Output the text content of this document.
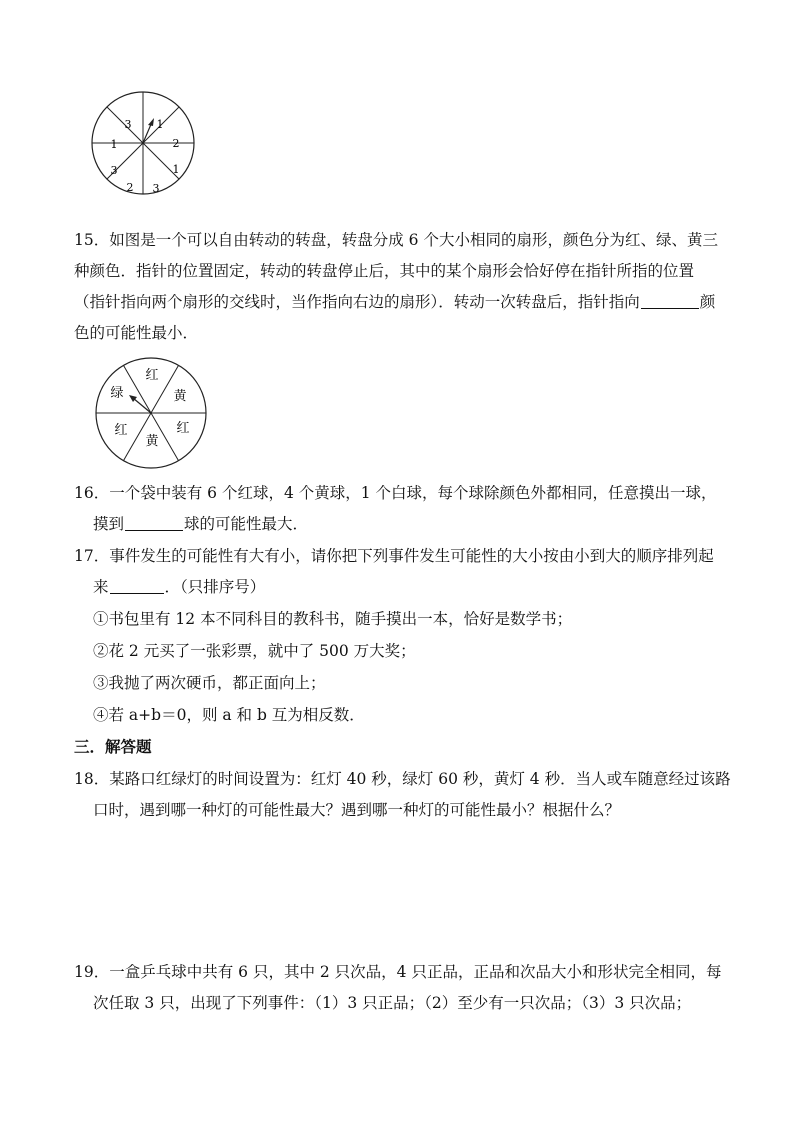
3 1
2
1
3
2
3
1
15．如图是一个可以自由转动的转盘，转盘分成 6 个大小相同的扇形，颜色分为红、绿、黄三
种颜色．指针的位置固定，转动的转盘停止后，其中的某个扇形会恰好停在指针所指的位置
（指针指向两个扇形的交线时，当作指向右边的扇形）．转动一次转盘后，指针指向	颜
色的可能性最小．
红
黄
红
黄
红
绿
16．一个袋中装有 6 个红球，4 个黄球，1 个白球，每个球除颜色外都相同，任意摸出一球，
摸到	球的可能性最大．
17．事件发生的可能性有大有小，请你把下列事件发生可能性的大小按由小到大的顺序排列起
来	．（只排序号）
①书包里有 12 本不同科目的教科书，随手摸出一本，恰好是数学书；
②花 2 元买了一张彩票，就中了 500 万大奖；
③我抛了两次硬币，都正面向上；
④若 a+b＝0，则 a 和 b 互为相反数．
三．解答题
18．某路口红绿灯的时间设置为：红灯 40 秒，绿灯 60 秒，黄灯 4 秒．当人或车随意经过该路
口时，遇到哪一种灯的可能性最大？遇到哪一种灯的可能性最小？根据什么？
19．一盒乒乓球中共有 6 只，其中 2 只次品，4 只正品，正品和次品大小和形状完全相同，每
次任取 3 只，出现了下列事件：（1）3 只正品；（2）至少有一只次品；（3）3 只次品；
